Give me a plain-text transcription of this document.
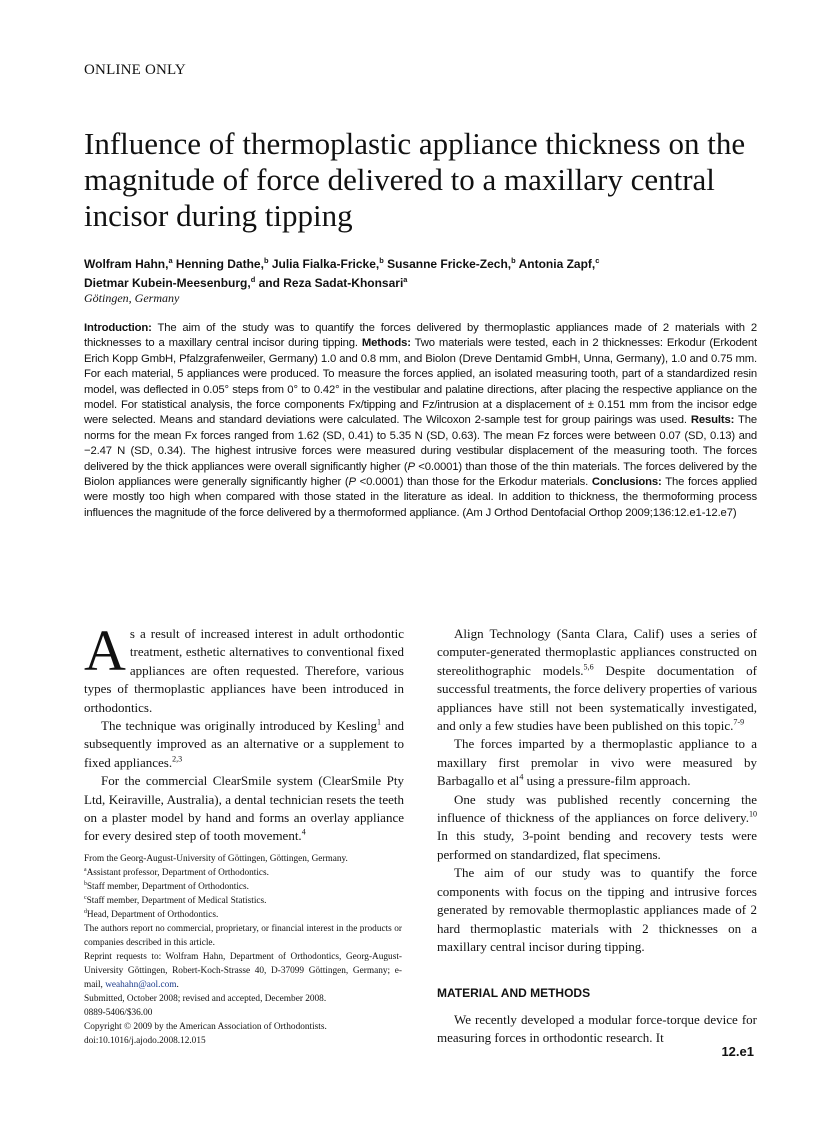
ONLINE ONLY
Influence of thermoplastic appliance thickness on the magnitude of force delivered to a maxillary central incisor during tipping
Wolfram Hahn,$^a$ Henning Dathe,$^b$ Julia Fialka-Fricke,$^b$ Susanne Fricke-Zech,$^b$ Antonia Zapf,$^c$
Dietmar Kubein-Meesenburg,$^d$ and Reza Sadat-Khonsari$^a$
Götingen, Germany
Introduction: The aim of the study was to quantify the forces delivered by thermoplastic appliances made of 2 materials with 2 thicknesses to a maxillary central incisor during tipping. Methods: Two materials were tested, each in 2 thicknesses: Erkodur (Erkodent Erich Kopp GmbH, Pfalzgrafenweiler, Germany) 1.0 and 0.8 mm, and Biolon (Dreve Dentamid GmbH, Unna, Germany), 1.0 and 0.75 mm. For each material, 5 appliances were produced. To measure the forces applied, an isolated measuring tooth, part of a standardized resin model, was deflected in 0.05° steps from 0° to 0.42° in the vestibular and palatine directions, after placing the respective appliance on the model. For statistical analysis, the force components Fx/tipping and Fz/intrusion at a displacement of ± 0.151 mm from the incisor edge were selected. Means and standard deviations were calculated. The Wilcoxon 2-sample test for group pairings was used. Results: The norms for the mean Fx forces ranged from 1.62 (SD, 0.41) to 5.35 N (SD, 0.63). The mean Fz forces were between 0.07 (SD, 0.13) and −2.47 N (SD, 0.34). The highest intrusive forces were measured during vestibular displacement of the measuring tooth. The forces delivered by the thick appliances were overall significantly higher (P <0.0001) than those of the thin materials. The forces delivered by the Biolon appliances were generally significantly higher (P <0.0001) than those for the Erkodur materials. Conclusions: The forces applied were mostly too high when compared with those stated in the literature as ideal. In addition to thickness, the thermoforming process influences the magnitude of the force delivered by a thermoformed appliance. (Am J Orthod Dentofacial Orthop 2009;136:12.e1-12.e7)

As a result of increased interest in adult orthodontic treatment, esthetic alternatives to conventional fixed appliances are often requested. Therefore, various types of thermoplastic appliances have been introduced in orthodontics.

The technique was originally introduced by Kesling$^1$ and subsequently improved as an alternative or a supplement to fixed appliances.$^{2,3}$

For the commercial ClearSmile system (ClearSmile Pty Ltd, Keiraville, Australia), a dental technician resets the teeth on a plaster model by hand and forms an overlay appliance for every desired step of tooth movement.$^4$

Align Technology (Santa Clara, Calif) uses a series of computer-generated thermoplastic appliances constructed on stereolithographic models.$^{5,6}$ Despite documentation of successful treatments, the force delivery properties of various appliances have still not been systematically investigated, and only a few studies have been published on this topic.$^{7-9}$

The forces imparted by a thermoplastic appliance to a maxillary first premolar in vivo were measured by Barbagallo et $al^4$ using a pressure-film approach.

One study was published recently concerning the influence of thickness of the appliances on force delivery.$^{10}$ In this study, 3-point bending and recovery tests were performed on standardized, flat specimens.

The aim of our study was to quantify the force components with focus on the tipping and intrusive forces generated by removable thermoplastic appliances made of 2 hard thermoplastic materials with 2 thicknesses on a maxillary central incisor during tipping.

MATERIAL AND METHODS

We recently developed a modular force-torque device for measuring forces in orthodontic research. It

From the Georg-August-University of Göttingen, Göttingen, Germany.
$^a$Assistant professor, Department of Orthodontics.
$^b$Staff member, Department of Orthodontics.
$^c$Staff member, Department of Medical Statistics.
$^d$Head, Department of Orthodontics.
The authors report no commercial, proprietary, or financial interest in the products or companies described in this article.
Reprint requests to: Wolfram Hahn, Department of Orthodontics, Georg-August-University Göttingen, Robert-Koch-Strasse 40, D-37099 Göttingen, Germany; e-mail, weahahn@aol.com.
Submitted, October 2008; revised and accepted, December 2008.
0889-5406/$36.00
Copyright © 2009 by the American Association of Orthodontists.
doi:10.1016/j.ajodo.2008.12.015
12.e1
